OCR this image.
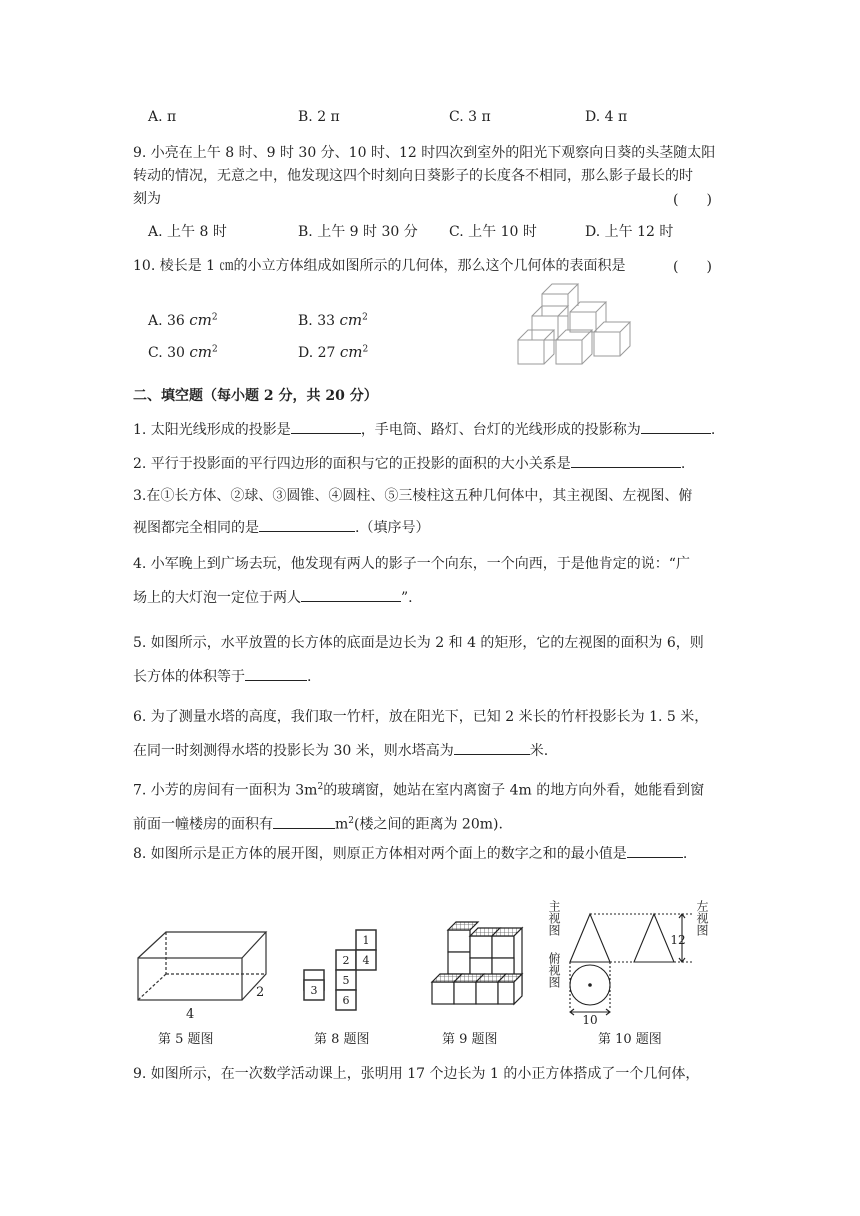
A. π	B. 2 π	C. 3 π	D. 4 π
9. 小亮在上午 8 时、9 时 30 分、10 时、12 时四次到室外的阳光下观察向日葵的头茎随太阳
转动的情况，无意之中，他发现这四个时刻向日葵影子的长度各不相同，那么影子最长的时
刻为	(　　)
A. 上午 8 时	B. 上午 9 时 30 分 C. 上午 10 时	D. 上午 12 时
10. 棱长是 1 ㎝的小立方体组成如图所示的几何体，那么这个几何体的表面积是	(　　)
A. 36 $cm^2$	B. 33 $cm^2$
C. 30 $cm^2$	D. 27 $cm^2$
二、填空题（每小题 2 分，共 20 分）
1. 太阳光线形成的投影是	，手电筒、路灯、台灯的光线形成的投影称为	.
2. 平行于投影面的平行四边形的面积与它的正投影的面积的大小关系是	.
3.在①长方体、②球、③圆锥、④圆柱、⑤三棱柱这五种几何体中，其主视图、左视图、俯
视图都完全相同的是	.（填序号）
4. 小军晚上到广场去玩，他发现有两人的影子一个向东，一个向西，于是他肯定的说：“广
场上的大灯泡一定位于两人	”.
5. 如图所示，水平放置的长方体的底面是边长为 2 和 4 的矩形，它的左视图的面积为 6，则
长方体的体积等于	.
6. 为了测量水塔的高度，我们取一竹杆，放在阳光下，已知 2 米长的竹杆投影长为 1. 5 米，
在同一时刻测得水塔的投影长为 30 米，则水塔高为	米.
7. 小芳的房间有一面积为 $3m^2$的玻璃窗，她站在室内离窗子 4m 的地方向外看，她能看到窗
前面一幢楼房的面积有	$m^2$(楼之间的距离为 20m).
8. 如图所示是正方体的展开图，则原正方体相对两个面上的数字之和的最小值是	.
4
2
第 5 题图
1
2 4
3
5
6
第 8 题图	第 9 题图
主视图
俯视图
左视图
12
10
第 10 题图
9. 如图所示，在一次数学活动课上，张明用 17 个边长为 1 的小正方体搭成了一个几何体，
